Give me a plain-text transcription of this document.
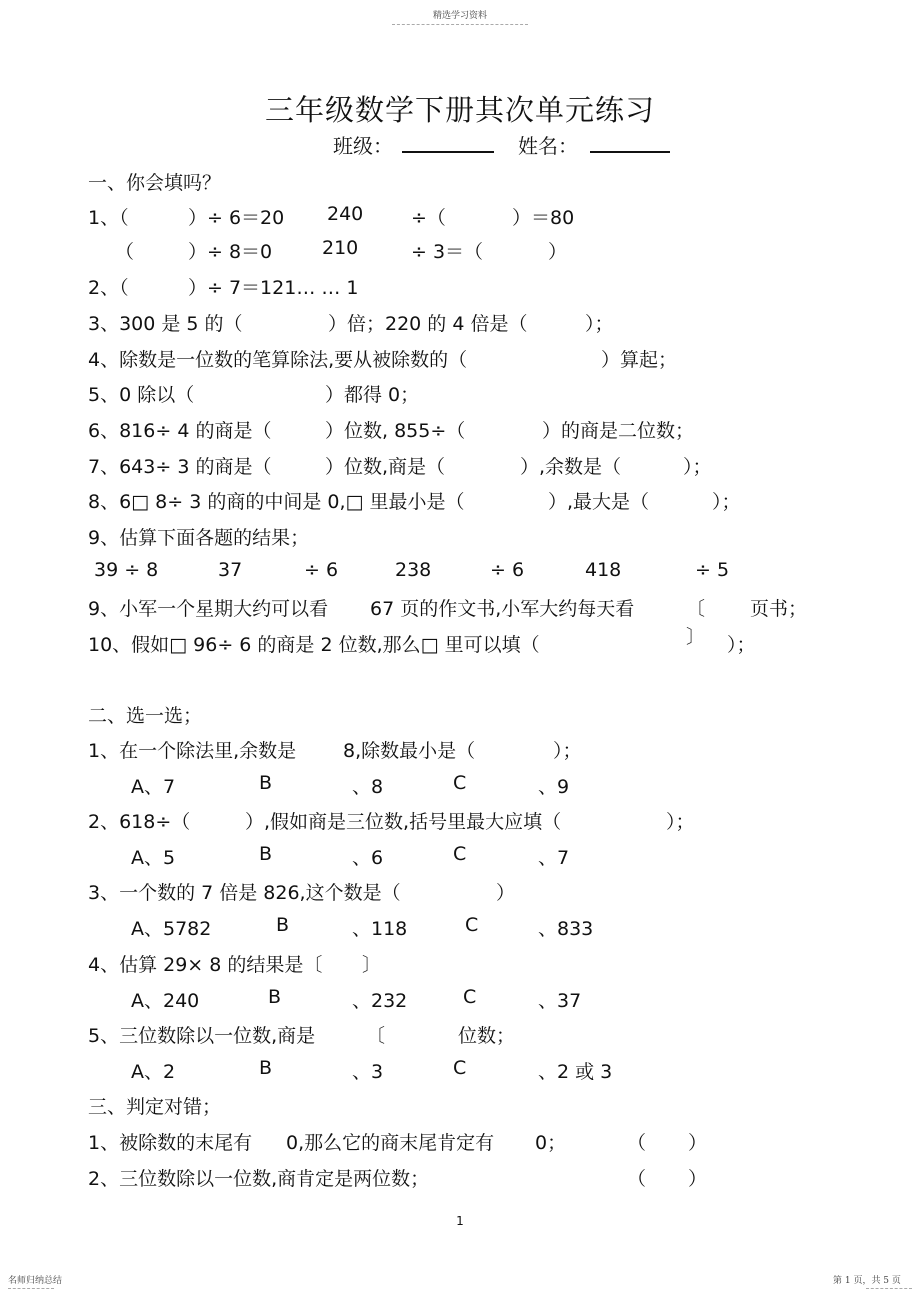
精选学习资料
三年级数学下册其次单元练习
班级：	姓名：
一、你会填吗？
1、（	）÷ 6＝20 240	÷（	）＝80
（	）÷ 8＝0	210	÷ 3＝（	）
2、（	）÷ 7＝121… … 1
3、300 是 5 的（	）倍；220 的 4 倍是（	）；
4、除数是一位数的笔算除法,要从被除数的（	）算起；
5、0 除以（	）都得 0；
6、816÷ 4 的商是（	）位数, 855÷（	）的商是二位数；
7、643÷ 3 的商是（	）位数,商是（	）,余数是（	）；
8、6□ 8÷ 3 的商的中间是 0,□ 里最小是（	）,最大是（	）；
9、估算下面各题的结果；
39 ÷ 8	37	÷ 6	238	÷ 6	418	÷ 5
9、小军一个星期大约可以看 67 页的作文书,小军大约每天看	〔 页书；
10、假如□ 96÷ 6 的商是 2 位数,那么□ 里可以填（	〕 ）；
二、选一选；
1、在一个除法里,余数是 8,除数最小是（	）；
A、7	B	、8	C	、9
2、618÷（	）,假如商是三位数,括号里最大应填（	）；
A、5	B	、6	C	、7
3、一个数的 7 倍是 826,这个数是（	）
A、5782	B	、118	C	、833
4、估算 29× 8 的结果是〔 〕
A、240	B	、232	C	、37
5、三位数除以一位数,商是	〔	位数；
A、2	B	、3	C	、2 或 3
三、判定对错；
1、被除数的末尾有 0,那么它的商末尾肯定有 0；	（ ）
2、三位数除以一位数,商肯定是两位数；	（ ）
1
名师归纳总结	第 1 页，共 5 页
